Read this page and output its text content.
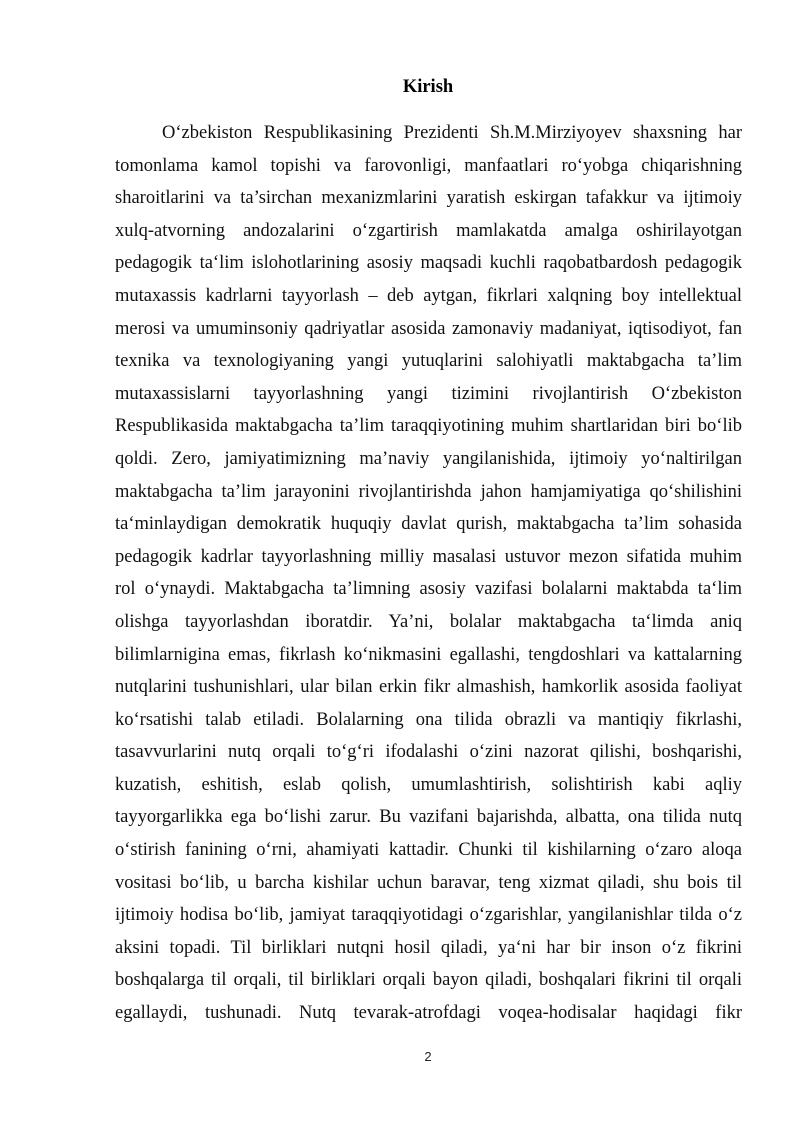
Kirish
O‘zbekiston Respublikasining Prezidenti Sh.M.Mirziyoyev shaxsning har
tomonlama kamol topishi va farovonligi, manfaatlari ro‘yobga chiqarishning
sharoitlarini va ta’sirchan mexanizmlarini yaratish eskirgan tafakkur va ijtimoiy
xulq-atvorning andozalarini o‘zgartirish mamlakatda amalga oshirilayotgan
pedagogik ta‘lim islohotlarining asosiy maqsadi kuchli raqobatbardosh pedagogik
mutaxassis kadrlarni tayyorlash – deb aytgan, fikrlari xalqning boy intellektual
merosi va umuminsoniy qadriyatlar asosida zamonaviy madaniyat, iqtisodiyot, fan
texnika va texnologiyaning yangi yutuqlarini salohiyatli maktabgacha ta’lim
mutaxassislarni tayyorlashning yangi tizimini rivojlantirish O‘zbekiston
Respublikasida maktabgacha ta’lim taraqqiyotining muhim shartlaridan biri bo‘lib
qoldi. Zero, jamiyatimizning ma’naviy yangilanishida, ijtimoiy yo‘naltirilgan
maktabgacha ta’lim jarayonini rivojlantirishda jahon hamjamiyatiga qo‘shilishini
ta‘minlaydigan demokratik huquqiy davlat qurish, maktabgacha ta’lim sohasida
pedagogik kadrlar tayyorlashning milliy masalasi ustuvor mezon sifatida muhim
rol o‘ynaydi. Maktabgacha ta’limning asosiy vazifasi bolalarni maktabda ta‘lim
olishga tayyorlashdan iboratdir. Ya’ni, bolalar maktabgacha ta‘limda aniq
bilimlarnigina emas, fikrlash ko‘nikmasini egallashi, tengdoshlari va kattalarning
nutqlarini tushunishlari, ular bilan erkin fikr almashish, hamkorlik asosida faoliyat
ko‘rsatishi talab etiladi. Bolalarning ona tilida obrazli va mantiqiy fikrlashi,
tasavvurlarini nutq orqali to‘g‘ri ifodalashi o‘zini nazorat qilishi, boshqarishi,
kuzatish, eshitish, eslab qolish, umumlashtirish, solishtirish kabi aqliy
tayyorgarlikka ega bo‘lishi zarur. Bu vazifani bajarishda, albatta, ona tilida nutq
o‘stirish fanining o‘rni, ahamiyati kattadir. Chunki til kishilarning o‘zaro aloqa
vositasi bo‘lib, u barcha kishilar uchun baravar, teng xizmat qiladi, shu bois til
ijtimoiy hodisa bo‘lib, jamiyat taraqqiyotidagi o‘zgarishlar, yangilanishlar tilda o‘z
aksini topadi. Til birliklari nutqni hosil qiladi, ya‘ni har bir inson o‘z fikrini
boshqalarga til orqali, til birliklari orqali bayon qiladi, boshqalari fikrini til orqali
egallaydi, tushunadi. Nutq tevarak-atrofdagi voqea-hodisalar haqidagi fikr
2
